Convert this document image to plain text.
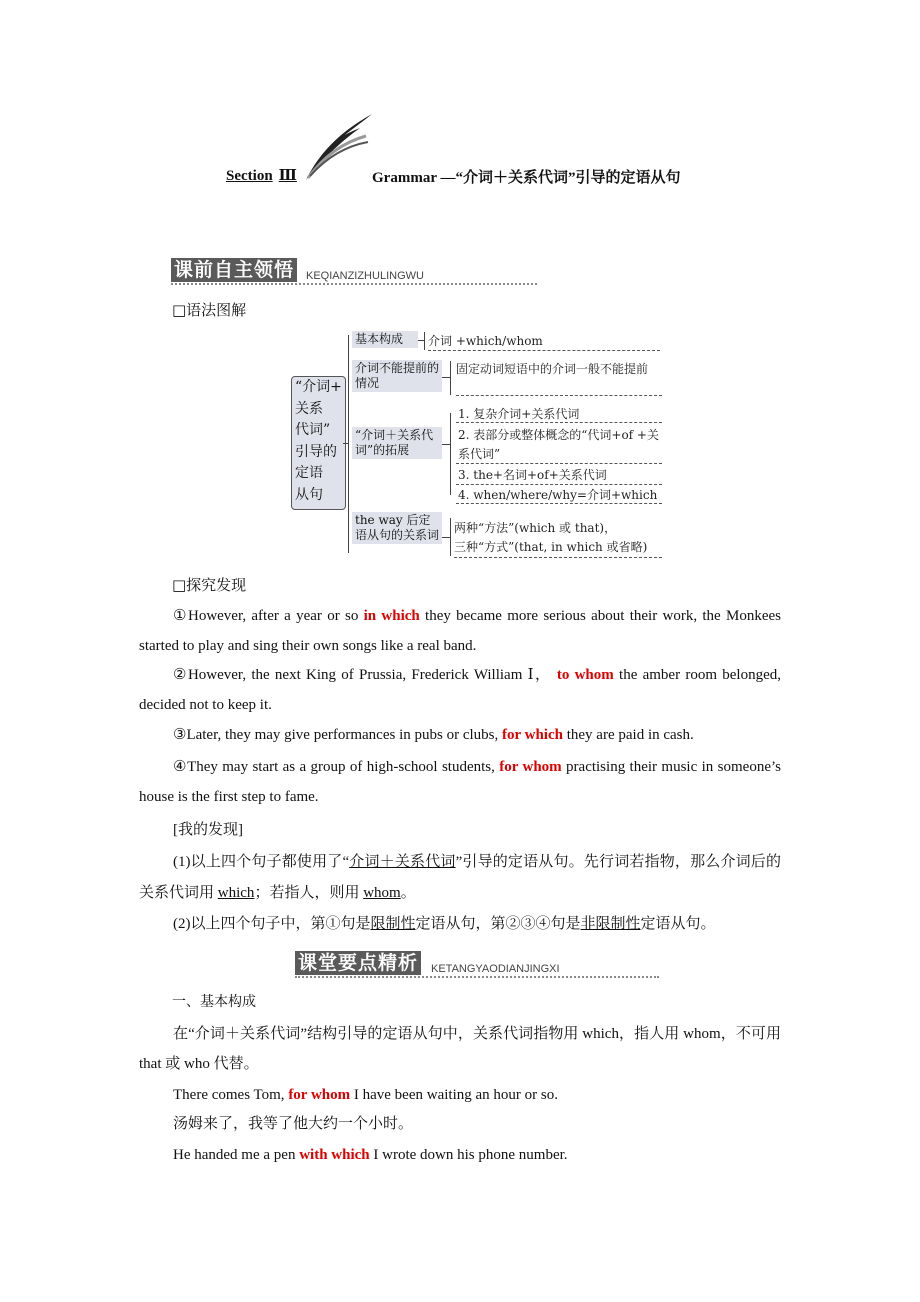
Section Ⅲ	Grammar —“介词＋关系代词”引导的定语从句
课前自主领悟 KEQIANZIZHULINGWU
□语法图解
“介词+
关系
代词”
引导的
定语
从句
基本构成	介词 +which/whom
介词不能提前的情况
固定动词短语中的介词一般不能提前
“介词＋关系代词”的拓展
1. 复杂介词+关系代词
2. 表部分或整体概念的“代词+of +关系代词”
3. the+名词+of+关系代词
4. when/where/why=介词+which
the way 后定语从句的关系词 两种“方法”(which 或 that)，
三种“方式”(that, in which 或省略)
□探究发现
①However, after a year or so in which they became more serious about their work, the Monkees started to play and sing their own songs like a real band.
②However, the next King of Prussia, Frederick William Ⅰ， to whom the amber room belonged, decided not to keep it.
③Later, they may give performances in pubs or clubs, for which they are paid in cash.
④They may start as a group of high-school students, for whom practising their music in someone’s house is the first step to fame.
[我的发现]
(1)以上四个句子都使用了“介词＋关系代词”引导的定语从句。先行词若指物，那么介词后的关系代词用 which；若指人，则用 whom。
(2)以上四个句子中，第①句是限制性定语从句，第②③④句是非限制性定语从句。
课堂要点精析 KETANGYAODIANJINGXI
一、基本构成
在“介词＋关系代词”结构引导的定语从句中，关系代词指物用 which，指人用 whom，不可用 that 或 who 代替。
There comes Tom, for whom I have been waiting an hour or so.
汤姆来了，我等了他大约一个小时。
He handed me a pen with which I wrote down his phone number.
